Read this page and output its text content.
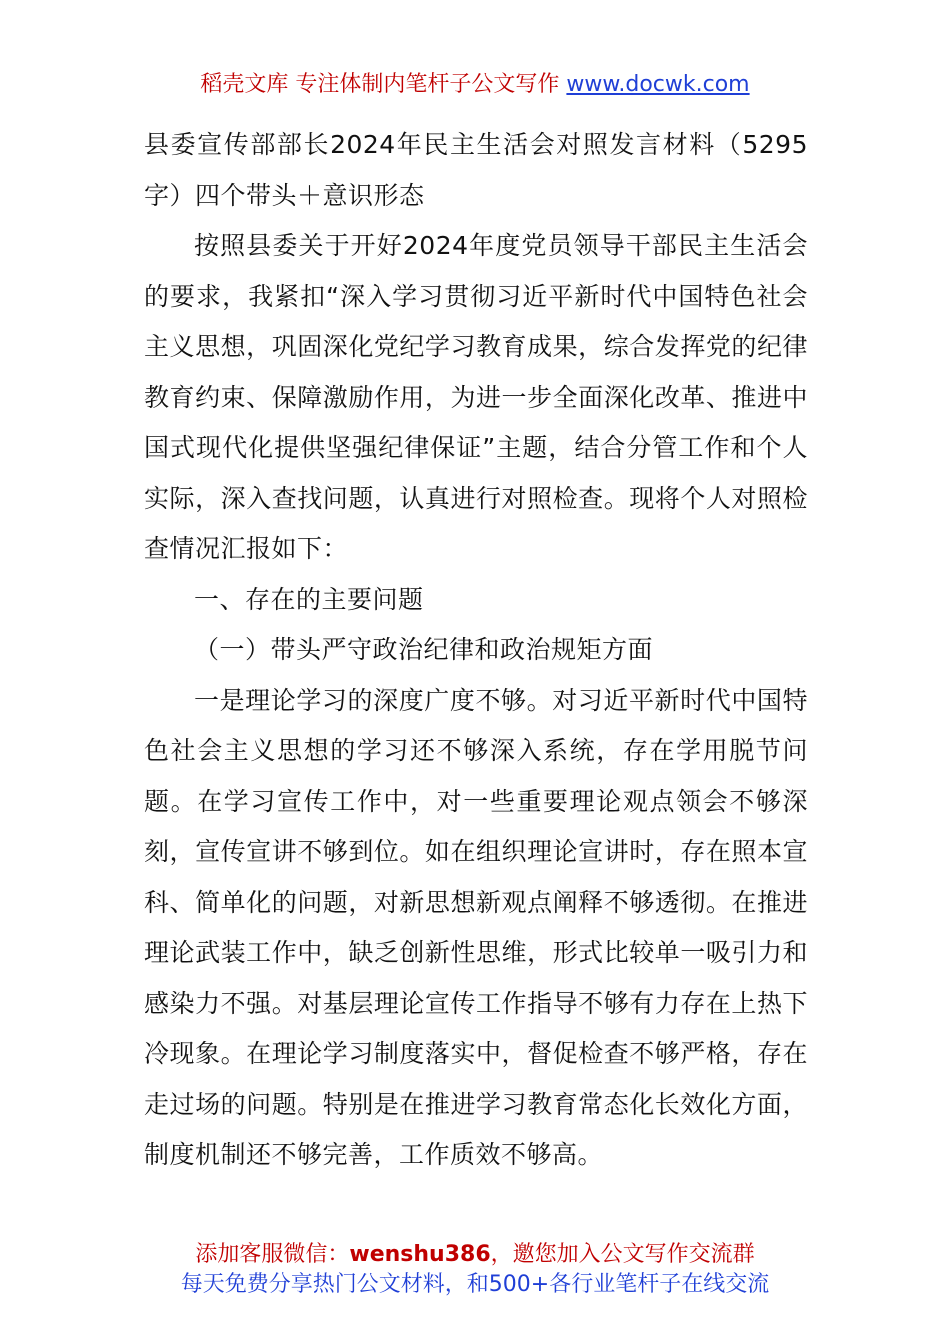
稻壳文库 专注体制内笔杆子公文写作 www.docwk.com

县委宣传部部长2024年民主生活会对照发言材料（5295字）四个带头＋意识形态

按照县委关于开好2024年度党员领导干部民主生活会的要求，我紧扣“深入学习贯彻习近平新时代中国特色社会主义思想，巩固深化党纪学习教育成果，综合发挥党的纪律教育约束、保障激励作用，为进一步全面深化改革、推进中国式现代化提供坚强纪律保证”主题，结合分管工作和个人实际，深入查找问题，认真进行对照检查。现将个人对照检查情况汇报如下：

一、存在的主要问题

（一）带头严守政治纪律和政治规矩方面

一是理论学习的深度广度不够。对习近平新时代中国特色社会主义思想的学习还不够深入系统，存在学用脱节问题。在学习宣传工作中，对一些重要理论观点领会不够深刻，宣传宣讲不够到位。如在组织理论宣讲时，存在照本宣科、简单化的问题，对新思想新观点阐释不够透彻。在推进理论武装工作中，缺乏创新性思维，形式比较单一吸引力和感染力不强。对基层理论宣传工作指导不够有力存在上热下冷现象。在理论学习制度落实中，督促检查不够严格，存在走过场的问题。特别是在推进学习教育常态化长效化方面，制度机制还不够完善，工作质效不够高。

添加客服微信：wenshu386，邀您加入公文写作交流群
每天免费分享热门公文材料，和500+各行业笔杆子在线交流
